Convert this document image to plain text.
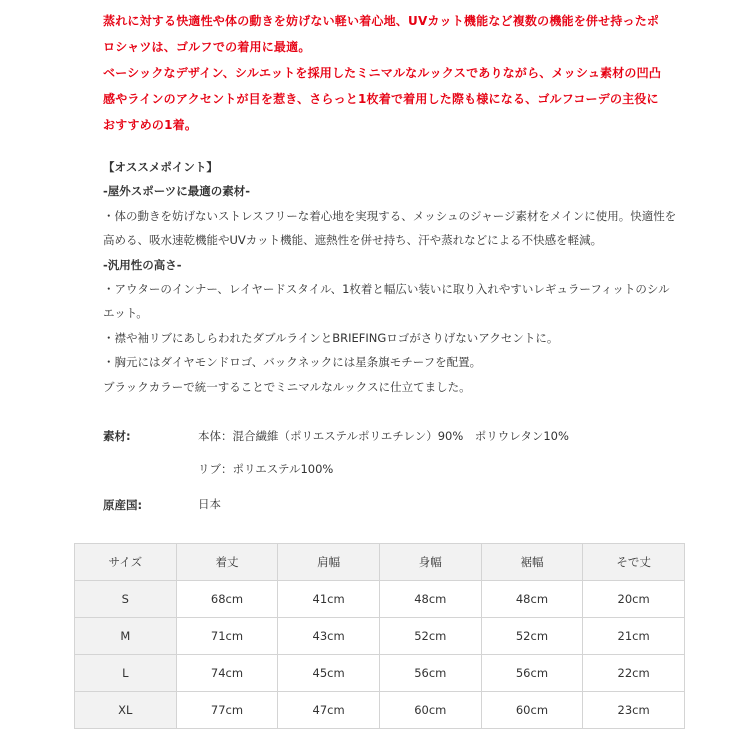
蒸れに対する快適性や体の動きを妨げない軽い着心地、UVカット機能など複数の機能を併せ持ったポロシャツは、ゴルフでの着用に最適。

ベーシックなデザイン、シルエットを採用したミニマルなルックスでありながら、メッシュ素材の凹凸感やラインのアクセントが目を惹き、さらっと1枚着で着用した際も様になる、ゴルフコーデの主役におすすめの1着。

【オススメポイント】

-屋外スポーツに最適の素材-

・体の動きを妨げないストレスフリーな着心地を実現する、メッシュのジャージ素材をメインに使用。快適性を高める、吸水速乾機能やUVカット機能、遮熱性を併せ持ち、汗や蒸れなどによる不快感を軽減。

-汎用性の高さ-

・アウターのインナー、レイヤードスタイル、1枚着と幅広い装いに取り入れやすいレギュラーフィットのシルエット。

・襟や袖リブにあしらわれたダブルラインとBRIEFINGロゴがさりげないアクセントに。

・胸元にはダイヤモンドロゴ、バックネックには星条旗モチーフを配置。

ブラックカラーで統一することでミニマルなルックスに仕立てました。

素材:	本体：混合繊維（ポリエステルポリエチレン）90%　ポリウレタン10%　リブ：ポリエステル100%
原産国:	日本
サイズ	着丈	肩幅	身幅	裾幅	そで丈
S	68cm	41cm	48cm	48cm	20cm
M	71cm	43cm	52cm	52cm	21cm
L	74cm	45cm	56cm	56cm	22cm
XL	77cm	47cm	60cm	60cm	23cm
